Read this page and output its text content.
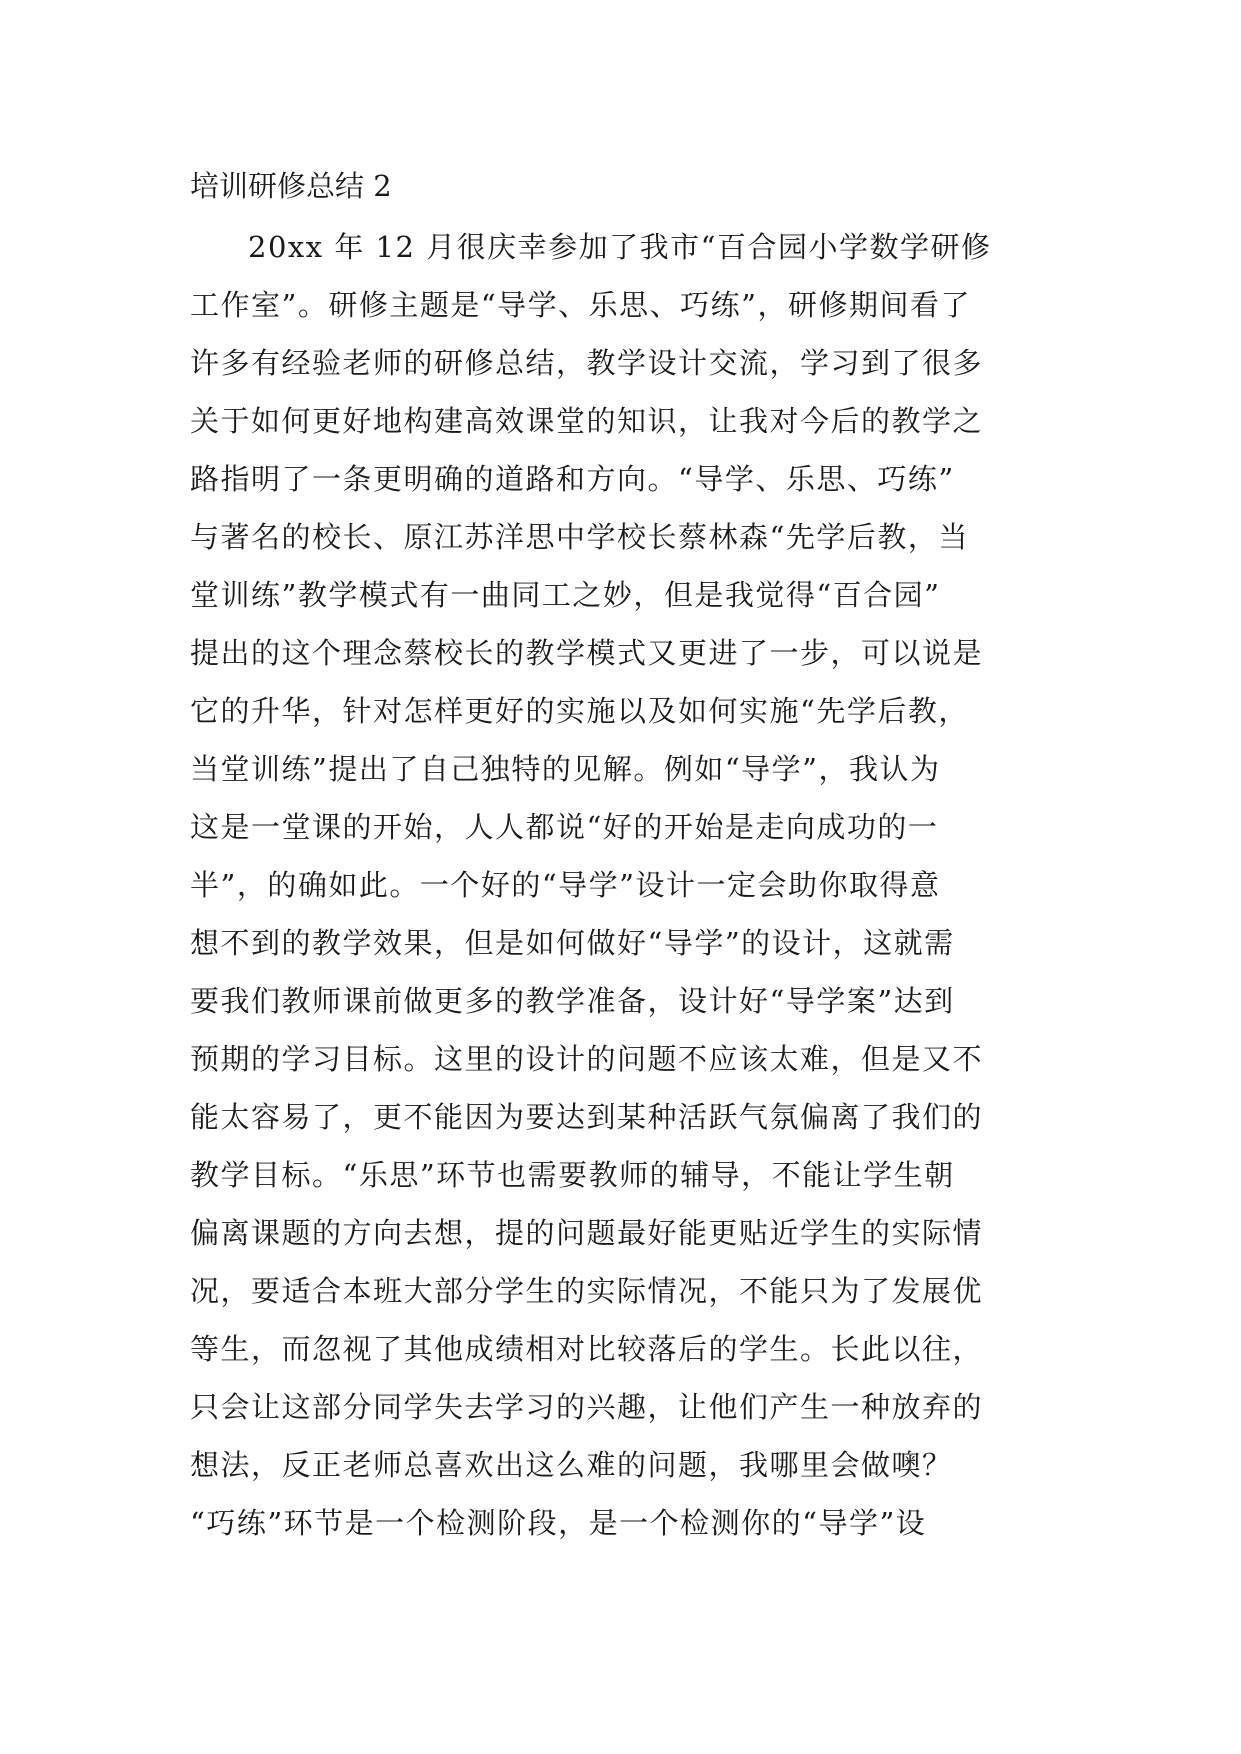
培训研修总结 2
20xx 年 12 月很庆幸参加了我市“百合园小学数学研修
工作室”。研修主题是“导学、乐思、巧练”，研修期间看了
许多有经验老师的研修总结，教学设计交流，学习到了很多
关于如何更好地构建高效课堂的知识，让我对今后的教学之
路指明了一条更明确的道路和方向。“导学、乐思、巧练”
与著名的校长、原江苏洋思中学校长蔡林森“先学后教，当
堂训练”教学模式有一曲同工之妙，但是我觉得“百合园”
提出的这个理念蔡校长的教学模式又更进了一步，可以说是
它的升华，针对怎样更好的实施以及如何实施“先学后教，
当堂训练”提出了自己独特的见解。例如“导学”，我认为
这是一堂课的开始，人人都说“好的开始是走向成功的一
半”，的确如此。一个好的“导学”设计一定会助你取得意
想不到的教学效果，但是如何做好“导学”的设计，这就需
要我们教师课前做更多的教学准备，设计好“导学案”达到
预期的学习目标。这里的设计的问题不应该太难，但是又不
能太容易了，更不能因为要达到某种活跃气氛偏离了我们的
教学目标。“乐思”环节也需要教师的辅导，不能让学生朝
偏离课题的方向去想，提的问题最好能更贴近学生的实际情
况，要适合本班大部分学生的实际情况，不能只为了发展优
等生，而忽视了其他成绩相对比较落后的学生。长此以往，
只会让这部分同学失去学习的兴趣，让他们产生一种放弃的
想法，反正老师总喜欢出这么难的问题，我哪里会做噢？
“巧练”环节是一个检测阶段，是一个检测你的“导学”设
